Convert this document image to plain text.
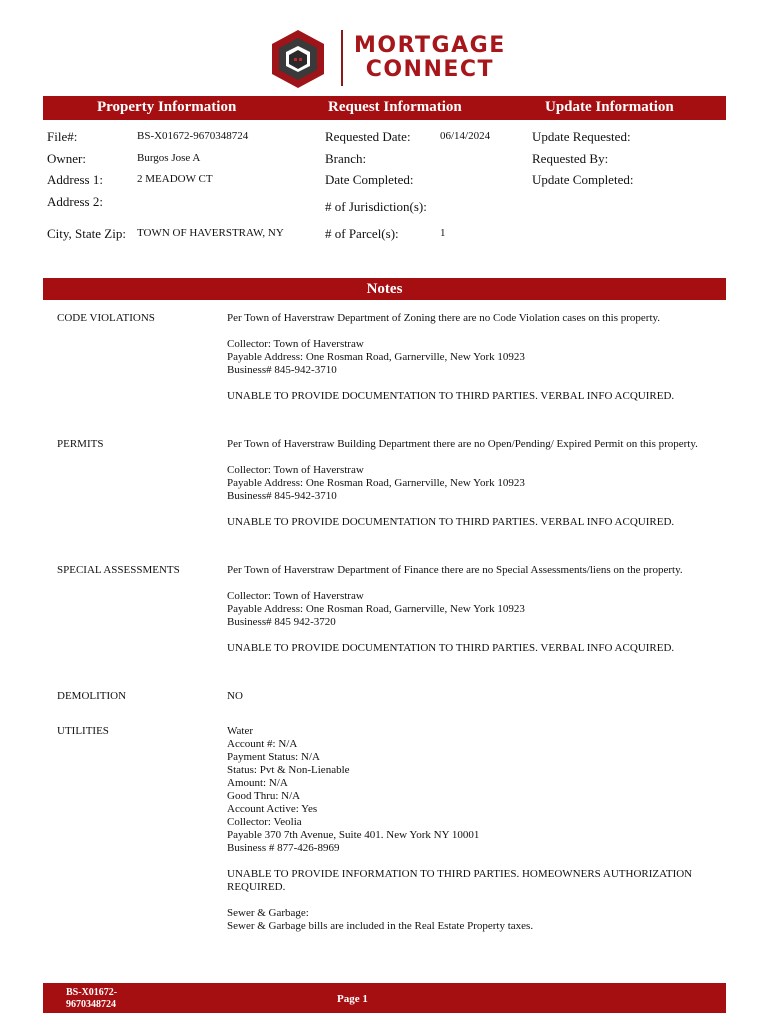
MORTGAGE
CONNECT
Property Information	Request Information	Update Information
File#:	BS-X01672-9670348724
Owner:	Burgos Jose A
Address 1:	2 MEADOW CT
Address 2:
City, State Zip: TOWN OF HAVERSTRAW, NY
Requested Date:	06/14/2024
Branch:
Date Completed:
# of Jurisdiction(s):
# of Parcel(s):	1
Update Requested:
Requested By:
Update Completed:
Notes
CODE VIOLATIONS	Per Town of Haverstraw Department of Zoning there are no Code Violation cases on this property.

Collector: Town of Haverstraw

Payable Address: One Rosman Road, Garnerville, New York 10923

Business# 845-942-3710

UNABLE TO PROVIDE DOCUMENTATION TO THIRD PARTIES. VERBAL INFO ACQUIRED.

PERMITS	Per Town of Haverstraw Building Department there are no Open/Pending/ Expired Permit on this property.

Collector: Town of Haverstraw

Payable Address: One Rosman Road, Garnerville, New York 10923

Business# 845-942-3710

UNABLE TO PROVIDE DOCUMENTATION TO THIRD PARTIES. VERBAL INFO ACQUIRED.

SPECIAL ASSESSMENTS	Per Town of Haverstraw Department of Finance there are no Special Assessments/liens on the property.

Collector: Town of Haverstraw

Payable Address: One Rosman Road, Garnerville, New York 10923

Business# 845 942-3720

UNABLE TO PROVIDE DOCUMENTATION TO THIRD PARTIES. VERBAL INFO ACQUIRED.

DEMOLITION	NO
UTILITIES	Water

Account #: N/A

Payment Status: N/A

Status: Pvt & Non-Lienable

Amount: N/A

Good Thru: N/A

Account Active: Yes

Collector: Veolia

Payable 370 7th Avenue, Suite 401. New York NY 10001

Business # 877-426-8969

UNABLE TO PROVIDE INFORMATION TO THIRD PARTIES. HOMEOWNERS AUTHORIZATION

REQUIRED.

Sewer & Garbage:

Sewer & Garbage bills are included in the Real Estate Property taxes.

BS-X01672-
9670348724	Page 1
